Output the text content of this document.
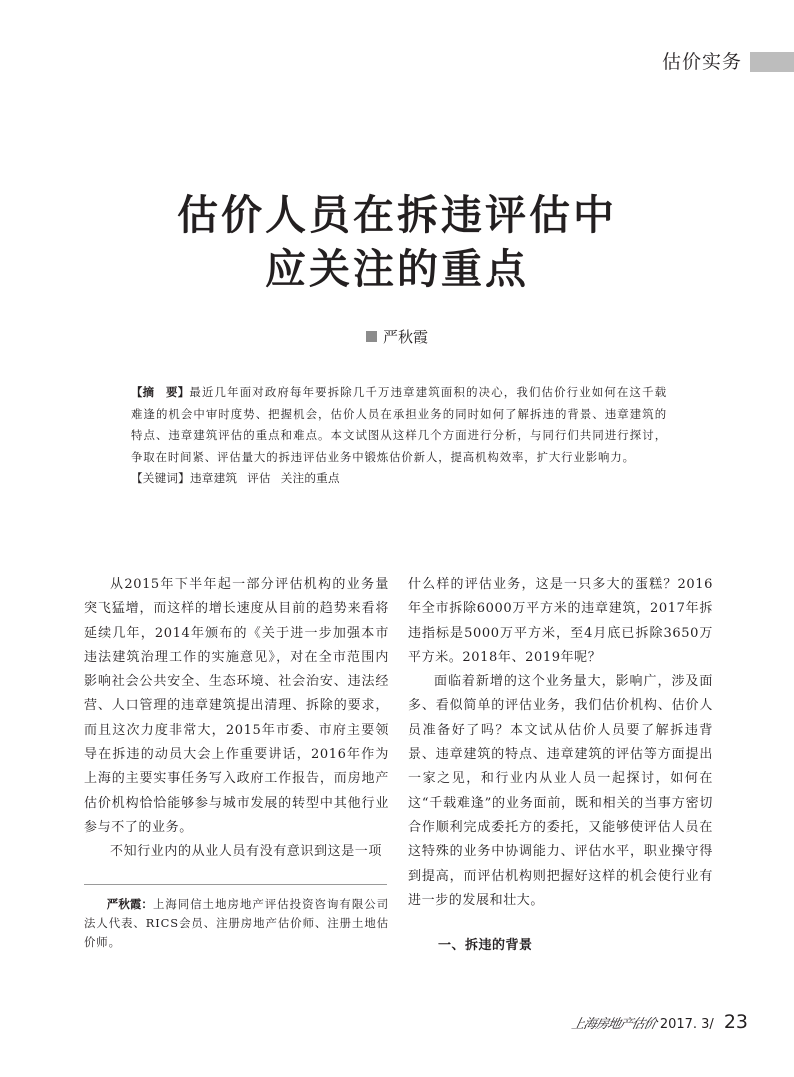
估价实务
估价人员在拆违评估中
应关注的重点
严秋霞

【摘　要】最近几年面对政府每年要拆除几千万违章建筑面积的决心，我们估价行业如何在这千载难逢的机会中审时度势、把握机会，估价人员在承担业务的同时如何了解拆违的背景、违章建筑的特点、违章建筑评估的重点和难点。本文试图从这样几个方面进行分析，与同行们共同进行探讨，争取在时间紧、评估量大的拆违评估业务中锻炼估价新人，提高机构效率，扩大行业影响力。

【关键词】违章建筑 评估 关注的重点

从2015年下半年起一部分评估机构的业务量突飞猛增，而这样的增长速度从目前的趋势来看将延续几年，2014年颁布的《关于进一步加强本市违法建筑治理工作的实施意见》，对在全市范围内影响社会公共安全、生态环境、社会治安、违法经营、人口管理的违章建筑提出清理、拆除的要求，而且这次力度非常大，2015年市委、市府主要领导在拆违的动员大会上作重要讲话，2016年作为上海的主要实事任务写入政府工作报告，而房地产估价机构恰恰能够参与城市发展的转型中其他行业参与不了的业务。

不知行业内的从业人员有没有意识到这是一项

什么样的评估业务，这是一只多大的蛋糕？2016年全市拆除6000万平方米的违章建筑，2017年拆违指标是5000万平方米，至4月底已拆除3650万平方米。2018年、2019年呢？

面临着新增的这个业务量大，影响广，涉及面多、看似简单的评估业务，我们估价机构、估价人员准备好了吗？本文试从估价人员要了解拆违背景、违章建筑的特点、违章建筑的评估等方面提出一家之见，和行业内从业人员一起探讨，如何在这“千载难逢”的业务面前，既和相关的当事方密切合作顺利完成委托方的委托，又能够使评估人员在这特殊的业务中协调能力、评估水平，职业操守得到提高，而评估机构则把握好这样的机会使行业有进一步的发展和壮大。

严秋霞：上海同信土地房地产评估投资咨询有限公司法人代表、RICS会员、注册房地产估价师、注册土地估价师。	一、拆违的背景
上海房地产估价 2017. 3/ 23
